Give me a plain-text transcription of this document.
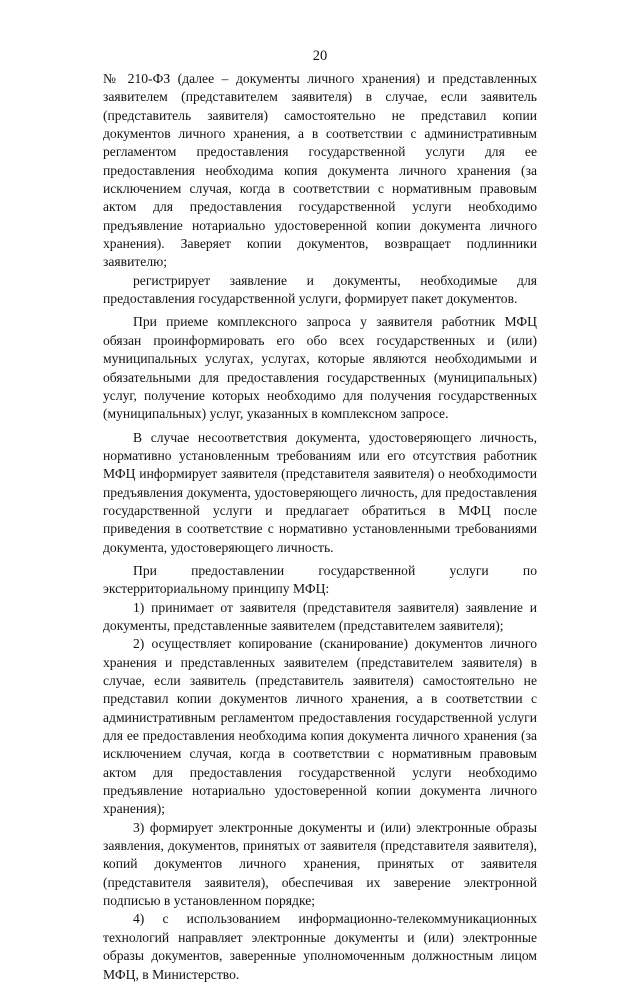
20

№ 210-ФЗ (далее – документы личного хранения) и представленных заявителем (представителем заявителя) в случае, если заявитель (представитель заявителя) самостоятельно не представил копии документов личного хранения, а в соответствии с административным регламентом предоставления государственной услуги для ее предоставления необходима копия документа личного хранения (за исключением случая, когда в соответствии с нормативным правовым актом для предоставления государственной услуги необходимо предъявление нотариально удостоверенной копии документа личного хранения). Заверяет копии документов, возвращает подлинники заявителю;

регистрирует заявление и документы, необходимые для предоставления государственной услуги, формирует пакет документов.

При приеме комплексного запроса у заявителя работник МФЦ обязан проинформировать его обо всех государственных и (или) муниципальных услугах, услугах, которые являются необходимыми и обязательными для предоставления государственных (муниципальных) услуг, получение которых необходимо для получения государственных (муниципальных) услуг, указанных в комплексном запросе.

В случае несоответствия документа, удостоверяющего личность, нормативно установленным требованиям или его отсутствия работник МФЦ информирует заявителя (представителя заявителя) о необходимости предъявления документа, удостоверяющего личность, для предоставления государственной услуги и предлагает обратиться в МФЦ после приведения в соответствие с нормативно установленными требованиями документа, удостоверяющего личность.

При предоставлении государственной услуги по экстерриториальному принципу МФЦ:

1) принимает от заявителя (представителя заявителя) заявление и документы, представленные заявителем (представителем заявителя);

2) осуществляет копирование (сканирование) документов личного хранения и представленных заявителем (представителем заявителя) в случае, если заявитель (представитель заявителя) самостоятельно не представил копии документов личного хранения, а в соответствии с административным регламентом предоставления государственной услуги для ее предоставления необходима копия документа личного хранения (за исключением случая, когда в соответствии с нормативным правовым актом для предоставления государственной услуги необходимо предъявление нотариально удостоверенной копии документа личного хранения);

3) формирует электронные документы и (или) электронные образы заявления, документов, принятых от заявителя (представителя заявителя), копий документов личного хранения, принятых от заявителя (представителя заявителя), обеспечивая их заверение электронной подписью в установленном порядке;

4) с использованием информационно-телекоммуникационных технологий направляет электронные документы и (или) электронные образы документов, заверенные уполномоченным должностным лицом МФЦ, в Министерство.
